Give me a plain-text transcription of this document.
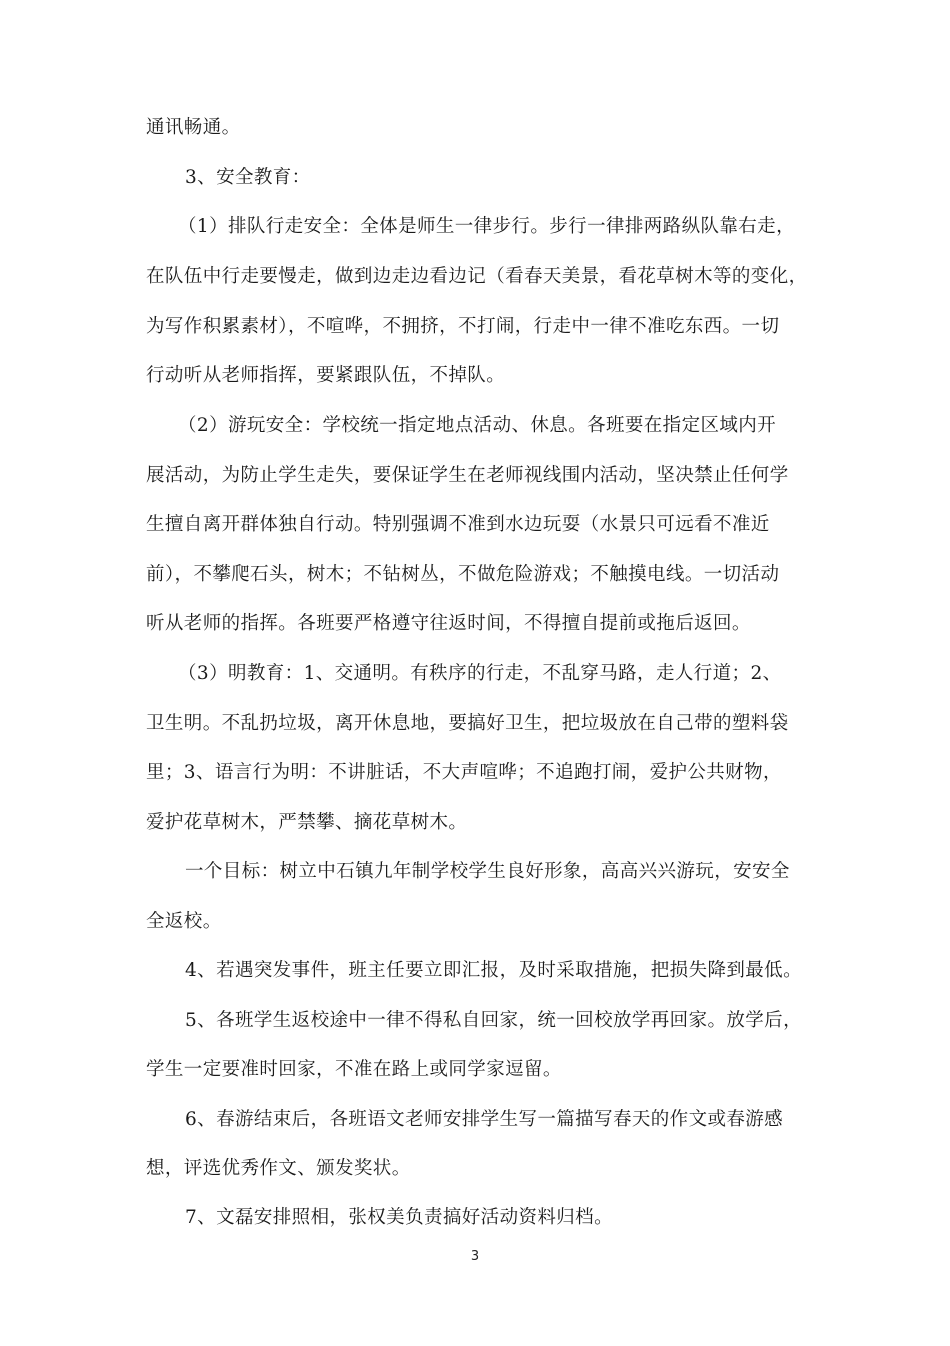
通讯畅通。
3、安全教育：
（1）排队行走安全：全体是师生一律步行。步行一律排两路纵队靠右走，
在队伍中行走要慢走，做到边走边看边记（看春天美景，看花草树木等的变化，
为写作积累素材），不喧哗，不拥挤，不打闹，行走中一律不准吃东西。一切
行动听从老师指挥，要紧跟队伍，不掉队。
（2）游玩安全：学校统一指定地点活动、休息。各班要在指定区域内开
展活动，为防止学生走失，要保证学生在老师视线围内活动，坚决禁止任何学
生擅自离开群体独自行动。特别强调不准到水边玩耍（水景只可远看不准近
前），不攀爬石头，树木；不钻树丛，不做危险游戏；不触摸电线。一切活动
听从老师的指挥。各班要严格遵守往返时间，不得擅自提前或拖后返回。
（3）明教育：1、交通明。有秩序的行走，不乱穿马路，走人行道；2、
卫生明。不乱扔垃圾，离开休息地，要搞好卫生，把垃圾放在自己带的塑料袋
里；3、语言行为明：不讲脏话，不大声喧哗；不追跑打闹，爱护公共财物，
爱护花草树木，严禁攀、摘花草树木。
一个目标：树立中石镇九年制学校学生良好形象，高高兴兴游玩，安安全
全返校。
4、若遇突发事件，班主任要立即汇报，及时采取措施，把损失降到最低。
5、各班学生返校途中一律不得私自回家，统一回校放学再回家。放学后，
学生一定要准时回家，不准在路上或同学家逗留。
6、春游结束后，各班语文老师安排学生写一篇描写春天的作文或春游感
想，评选优秀作文、颁发奖状。
7、文磊安排照相，张权美负责搞好活动资料归档。
3
